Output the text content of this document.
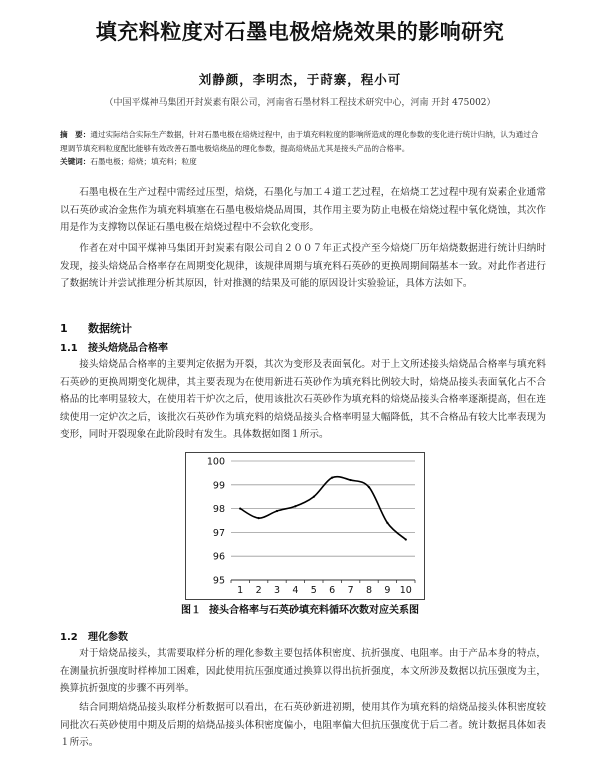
填充料粒度对石墨电极焙烧效果的影响研究
刘静颜，李明杰，于莳寨，程小可
（中国平煤神马集团开封炭素有限公司，河南省石墨材料工程技术研究中心，河南 开封 475002）
摘　要：通过实际结合实际生产数据，针对石墨电极在焙烧过程中，由于填充料粒度的影响所造成的理化参数的变化进行统计归纳，认为通过合理调节填充料粒度配比能够有效改善石墨电极焙烧品的理化参数，提高焙烧品尤其是接头产品的合格率。
关键词：石墨电极；焙烧；填充料；粒度
石墨电极在生产过程中需经过压型，焙烧，石墨化与加工４道工艺过程，在焙烧工艺过程中现有炭素企业通常以石英砂或冶金焦作为填充料填塞在石墨电极焙烧品周围，其作用主要为防止电极在焙烧过程中氧化烧蚀，其次作用是作为支撑物以保证石墨电极在焙烧过程中不会软化变形。
作者在对中国平煤神马集团开封炭素有限公司自２００７年正式投产至今焙烧厂历年焙烧数据进行统计归纳时发现，接头焙烧品合格率存在周期变化规律，该规律周期与填充料石英砂的更换周期间隔基本一致。对此作者进行了数据统计并尝试推理分析其原因，针对推测的结果及可能的原因设计实验验证，具体方法如下。
1 数据统计
1.1 接头焙烧品合格率
接头焙烧品合格率的主要判定依据为开裂，其次为变形及表面氧化。对于上文所述接头焙烧品合格率与填充料石英砂的更换周期变化规律，其主要表现为在使用新进石英砂作为填充料比例较大时，焙烧品接头表面氧化占不合格品的比率明显较大，在使用若干炉次之后，使用该批次石英砂作为填充料的焙烧品接头合格率逐渐提高，但在连续使用一定炉次之后，该批次石英砂作为填充料的焙烧品接头合格率明显大幅降低，其不合格品有较大比率表现为变形，同时开裂现象在此阶段时有发生。具体数据如图１所示。
95
96
97
98
99
100
1 2 3 4 5 6 7 8 9 10
图１ 接头合格率与石英砂填充料循环次数对应关系图
1.2 理化参数
对于焙烧品接头，其需要取样分析的理化参数主要包括体积密度、抗折强度、电阻率。由于产品本身的特点，在测量抗折强度时样棒加工困难，因此使用抗压强度通过换算以得出抗折强度，本文所涉及数据以抗压强度为主，换算抗折强度的步骤不再列举。
结合同期焙烧品接头取样分析数据可以看出，在石英砂新进初期，使用其作为填充料的焙烧品接头体积密度较同批次石英砂使用中期及后期的焙烧品接头体积密度偏小，电阻率偏大但抗压强度优于后二者。统计数据具体如表１所示。
